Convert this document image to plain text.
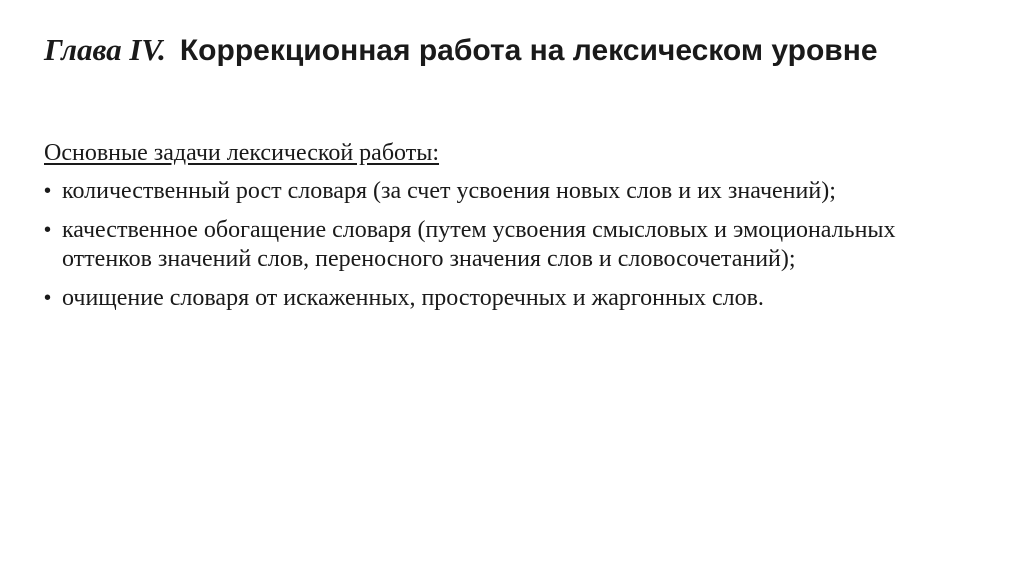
Глава IV. Коррекционная работа на лексическом уровне
Основные задачи лексической работы:
• количественный рост словаря (за счет усвоения новых слов и их значений);
• качественное обогащение словаря (путем усвоения смысловых и эмоциональных оттенков значений слов, переносного значения слов и словосочетаний);
• очищение словаря от искаженных, просторечных и жаргонных слов.
